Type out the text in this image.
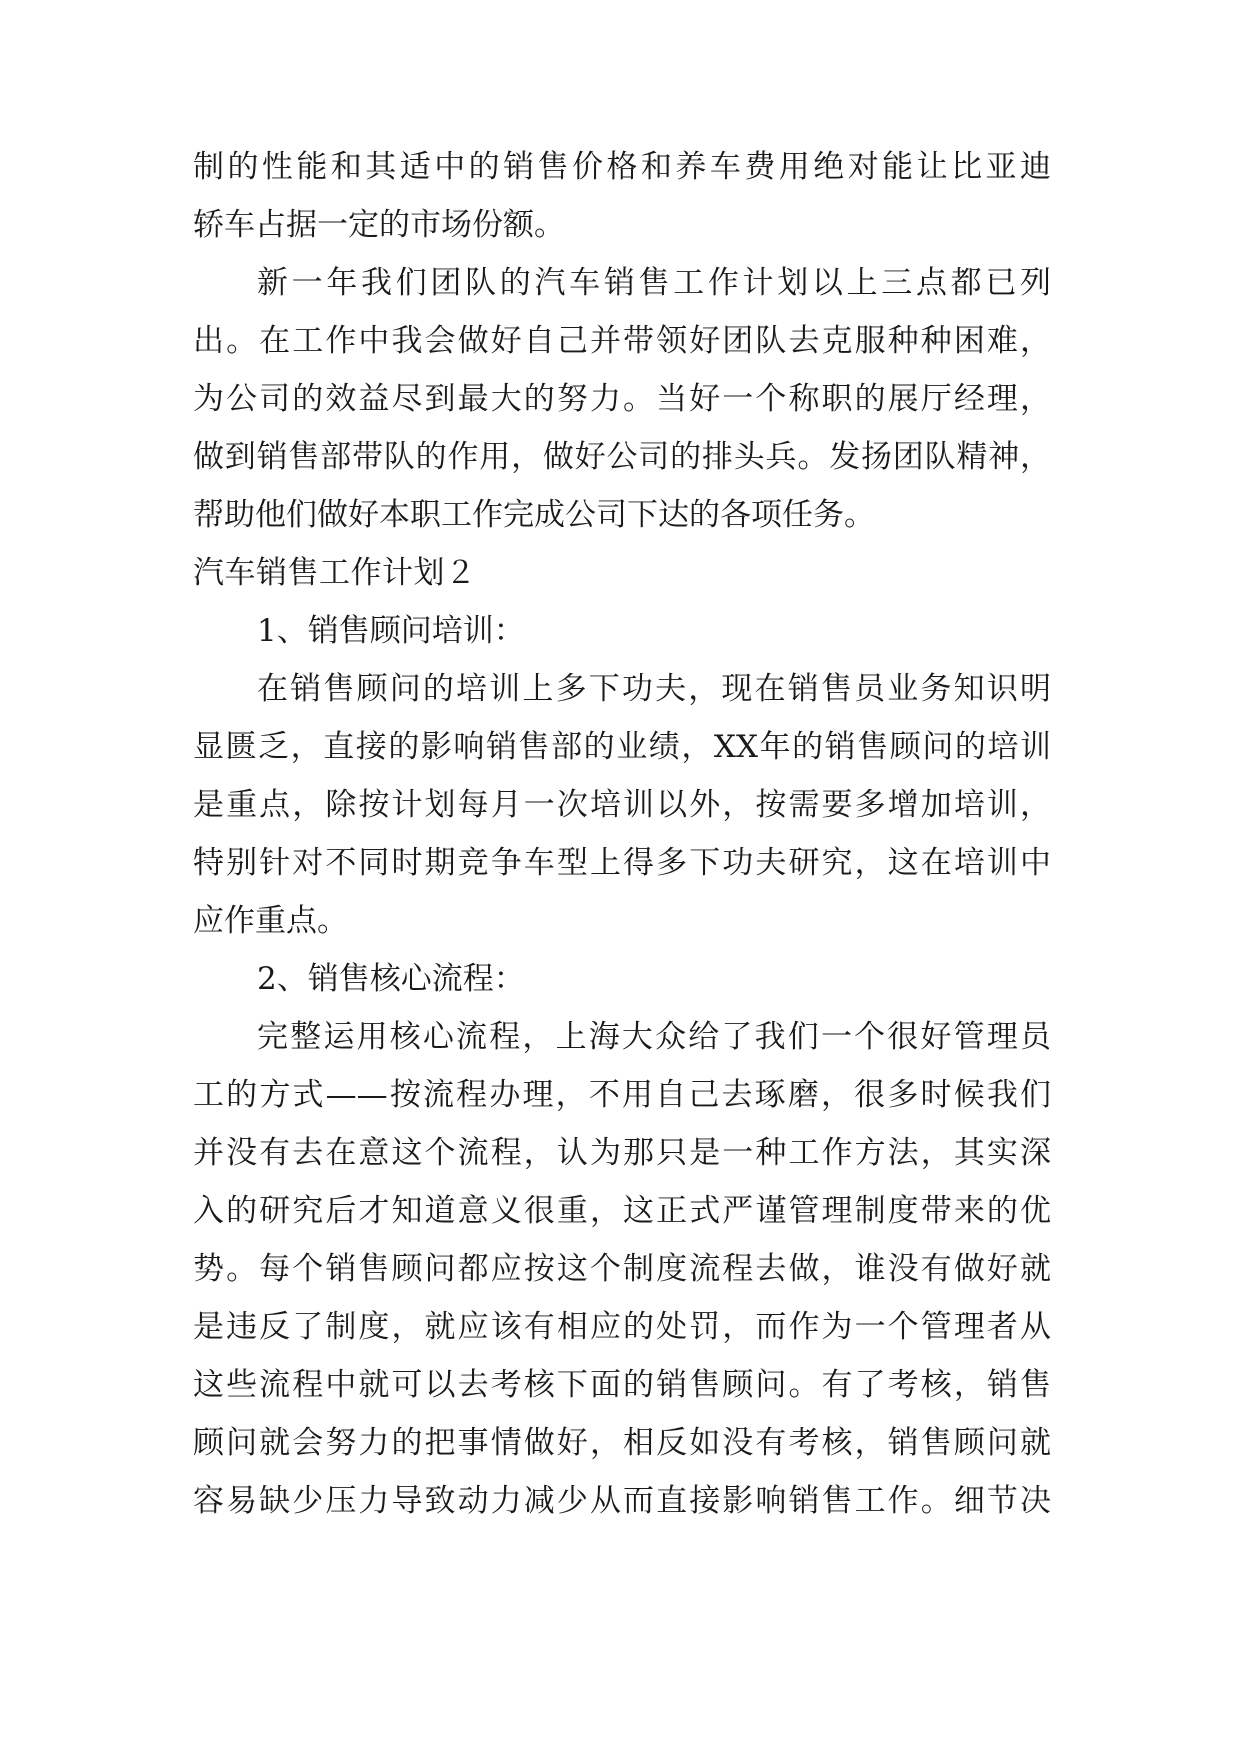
制的性能和其适中的销售价格和养车费用绝对能让比亚迪
轿车占据一定的市场份额。
新一年我们团队的汽车销售工作计划以上三点都已列
出。在工作中我会做好自己并带领好团队去克服种种困难，
为公司的效益尽到最大的努力。当好一个称职的展厅经理，
做到销售部带队的作用，做好公司的排头兵。发扬团队精神，
帮助他们做好本职工作完成公司下达的各项任务。
汽车销售工作计划２
1、销售顾问培训：
在销售顾问的培训上多下功夫，现在销售员业务知识明
显匮乏，直接的影响销售部的业绩，XX年的销售顾问的培训
是重点，除按计划每月一次培训以外，按需要多增加培训，
特别针对不同时期竞争车型上得多下功夫研究，这在培训中
应作重点。
2、销售核心流程：
完整运用核心流程，上海大众给了我们一个很好管理员
工的方式——按流程办理，不用自己去琢磨，很多时候我们
并没有去在意这个流程，认为那只是一种工作方法，其实深
入的研究后才知道意义很重，这正式严谨管理制度带来的优
势。每个销售顾问都应按这个制度流程去做，谁没有做好就
是违反了制度，就应该有相应的处罚，而作为一个管理者从
这些流程中就可以去考核下面的销售顾问。有了考核，销售
顾问就会努力的把事情做好，相反如没有考核，销售顾问就
容易缺少压力导致动力减少从而直接影响销售工作。细节决
